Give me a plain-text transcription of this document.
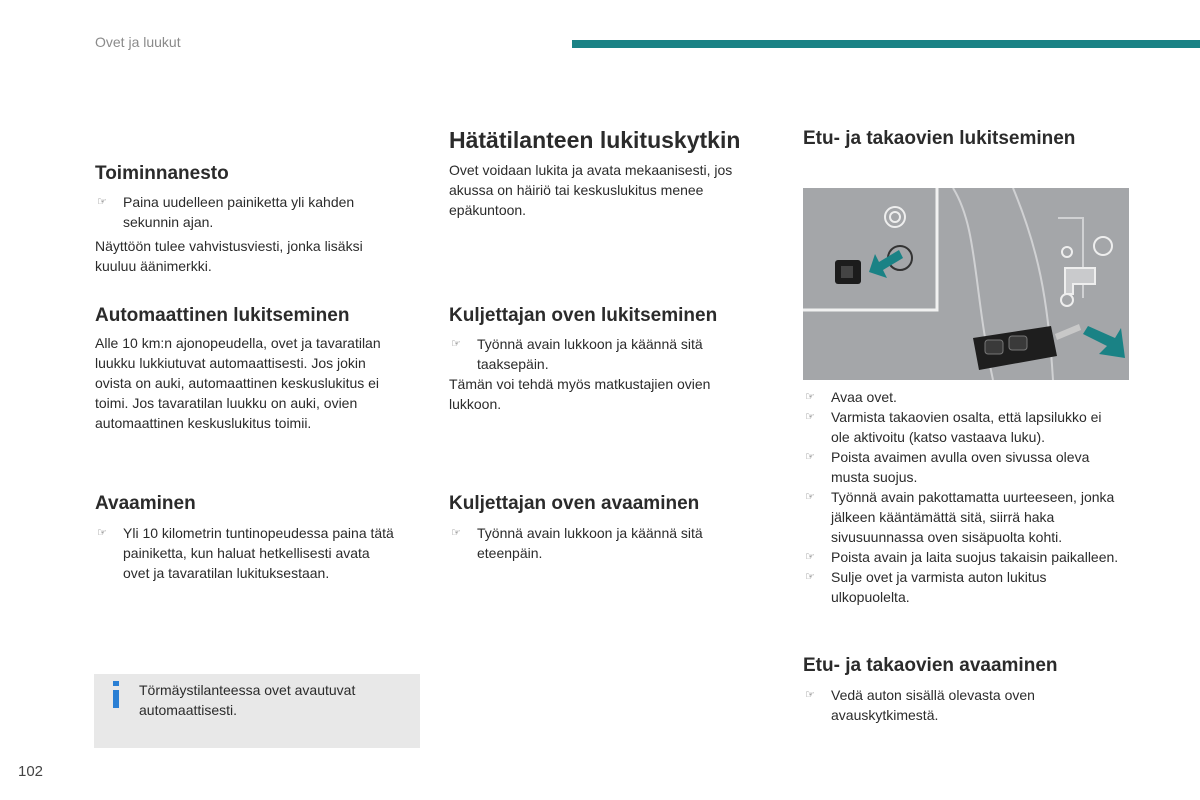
Ovet ja luukut
Toiminnanesto
☞ Paina uudelleen painiketta yli kahden sekunnin ajan.

Näyttöön tulee vahvistusviesti, jonka lisäksi kuuluu äänimerkki.

Automaattinen lukitseminen

Alle 10 km:n ajonopeudella, ovet ja tavaratilan luukku lukkiutuvat automaattisesti. Jos jokin ovista on auki, automaattinen keskuslukitus ei toimi. Jos tavaratilan luukku on auki, ovien automaattinen keskuslukitus toimii.

Avaaminen
☞ Yli 10 kilometrin tuntinopeudessa paina tätä painiketta, kun haluat hetkellisesti avata ovet ja tavaratilan lukituksestaan.
Törmäystilanteessa ovet avautuvat automaattisesti.
Hätätilanteen lukituskytkin

Ovet voidaan lukita ja avata mekaanisesti, jos akussa on häiriö tai keskuslukitus menee epäkuntoon.

Kuljettajan oven lukitseminen
☞ Työnnä avain lukkoon ja käännä sitä taaksepäin.

Tämän voi tehdä myös matkustajien ovien lukkoon.

Kuljettajan oven avaaminen
☞ Työnnä avain lukkoon ja käännä sitä eteenpäin.
Etu- ja takaovien lukitseminen
☞ Avaa ovet.
☞ Varmista takaovien osalta, että lapsilukko ei ole aktivoitu (katso vastaava luku).
☞ Poista avaimen avulla oven sivussa oleva musta suojus.
☞ Työnnä avain pakottamatta uurteeseen, jonka jälkeen kääntämättä sitä, siirrä haka sivusuunnassa oven sisäpuolta kohti.
☞ Poista avain ja laita suojus takaisin paikalleen.
☞ Sulje ovet ja varmista auton lukitus ulkopuolelta.
Etu- ja takaovien avaaminen
☞ Vedä auton sisällä olevasta oven avauskytkimestä.
102
